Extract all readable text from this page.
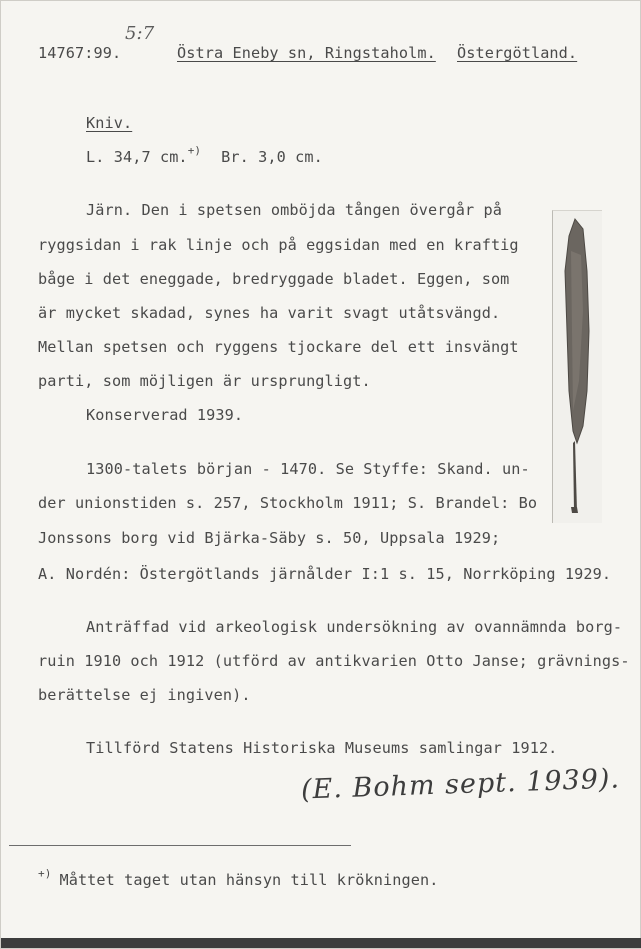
14767:99.
5:7
Östra Eneby sn, Ringstaholm. Östergötland.
Kniv.
L. 34,7 cm.+) Br. 3,0 cm.
Järn. Den i spetsen omböjda tången övergår på
ryggsidan i rak linje och på eggsidan med en kraftig
båge i det eneggade, bredryggade bladet. Eggen, som
är mycket skadad, synes ha varit svagt utåtsvängd.
Mellan spetsen och ryggens tjockare del ett insvängt
parti, som möjligen är ursprungligt.
Konserverad 1939.
1300-talets början - 1470. Se Styffe: Skand. un-
der unionstiden s. 257, Stockholm 1911; S. Brandel: Bo
Jonssons borg vid Bjärka-Säby s. 50, Uppsala 1929;
A. Nordén: Östergötlands järnålder I:1 s. 15, Norrköping 1929.
Anträffad vid arkeologisk undersökning av ovannämnda borg-
ruin 1910 och 1912 (utförd av antikvarien Otto Janse; grävnings-
berättelse ej ingiven).
Tillförd Statens Historiska Museums samlingar 1912.
(E. Bohm sept. 1939).
+) Måttet taget utan hänsyn till krökningen.
